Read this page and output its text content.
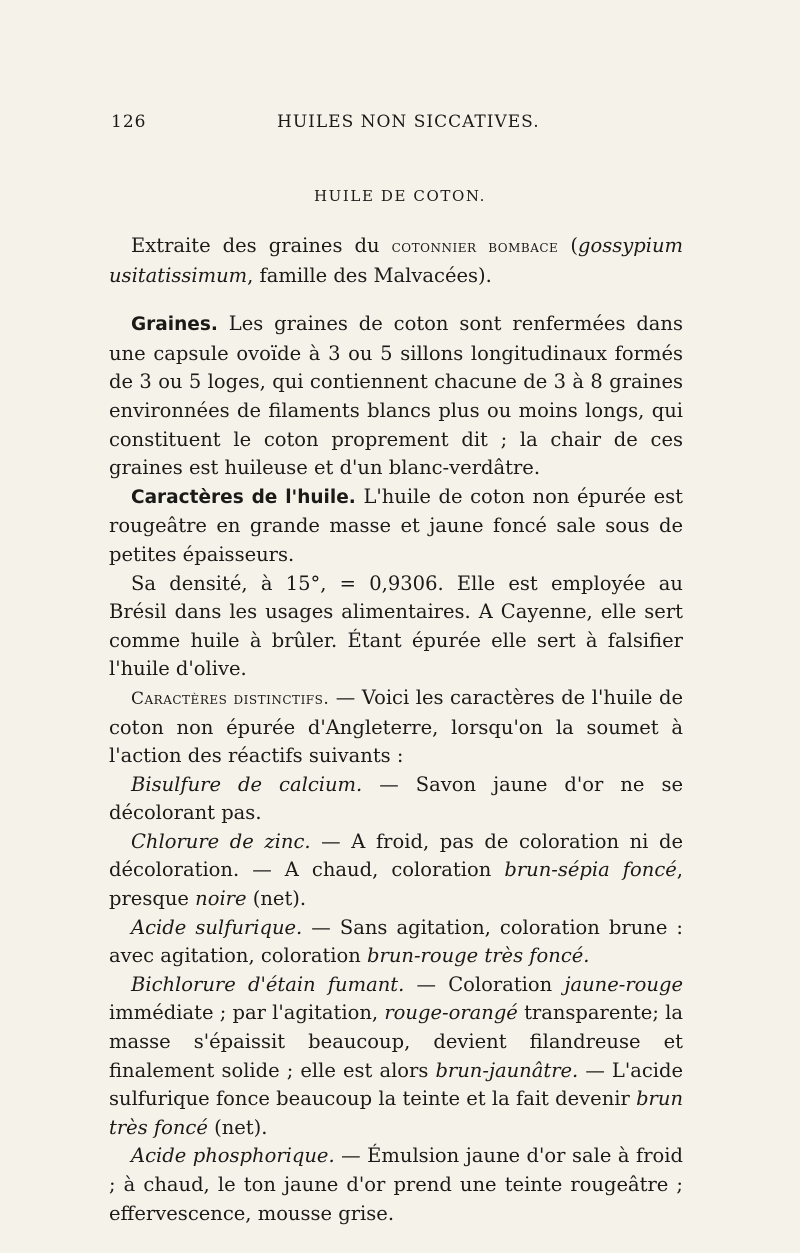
126	HUILES NON SICCATIVES.
HUILE DE COTON.

Extraite des graines du cotonnier bombace (gossypium usitatissimum, famille des Malvacées).

Graines. Les graines de coton sont renfermées dans une capsule ovoïde à 3 ou 5 sillons longitudinaux formés de 3 ou 5 loges, qui contiennent chacune de 3 à 8 graines environnées de filaments blancs plus ou moins longs, qui constituent le coton proprement dit ; la chair de ces graines est huileuse et d'un blanc-verdâtre.

Caractères de l'huile. L'huile de coton non épurée est rougeâtre en grande masse et jaune foncé sale sous de petites épaisseurs.

Sa densité, à 15°, = 0,9306. Elle est employée au Brésil dans les usages alimentaires. A Cayenne, elle sert comme huile à brûler. Étant épurée elle sert à falsifier l'huile d'olive.

Caractères distinctifs. — Voici les caractères de l'huile de coton non épurée d'Angleterre, lorsqu'on la soumet à l'action des réactifs suivants :

Bisulfure de calcium. — Savon jaune d'or ne se décolorant pas.

Chlorure de zinc. — A froid, pas de coloration ni de décoloration. — A chaud, coloration brun-sépia foncé, presque noire (net).

Acide sulfurique. — Sans agitation, coloration brune : avec agitation, coloration brun-rouge très foncé.

Bichlorure d'étain fumant. — Coloration jaune-rouge immédiate ; par l'agitation, rouge-orangé transparente; la masse s'épaissit beaucoup, devient filandreuse et finalement solide ; elle est alors brun-jaunâtre. — L'acide sulfurique fonce beaucoup la teinte et la fait devenir brun très foncé (net).

Acide phosphorique. — Émulsion jaune d'or sale à froid ; à chaud, le ton jaune d'or prend une teinte rougeâtre ; effervescence, mousse grise.
